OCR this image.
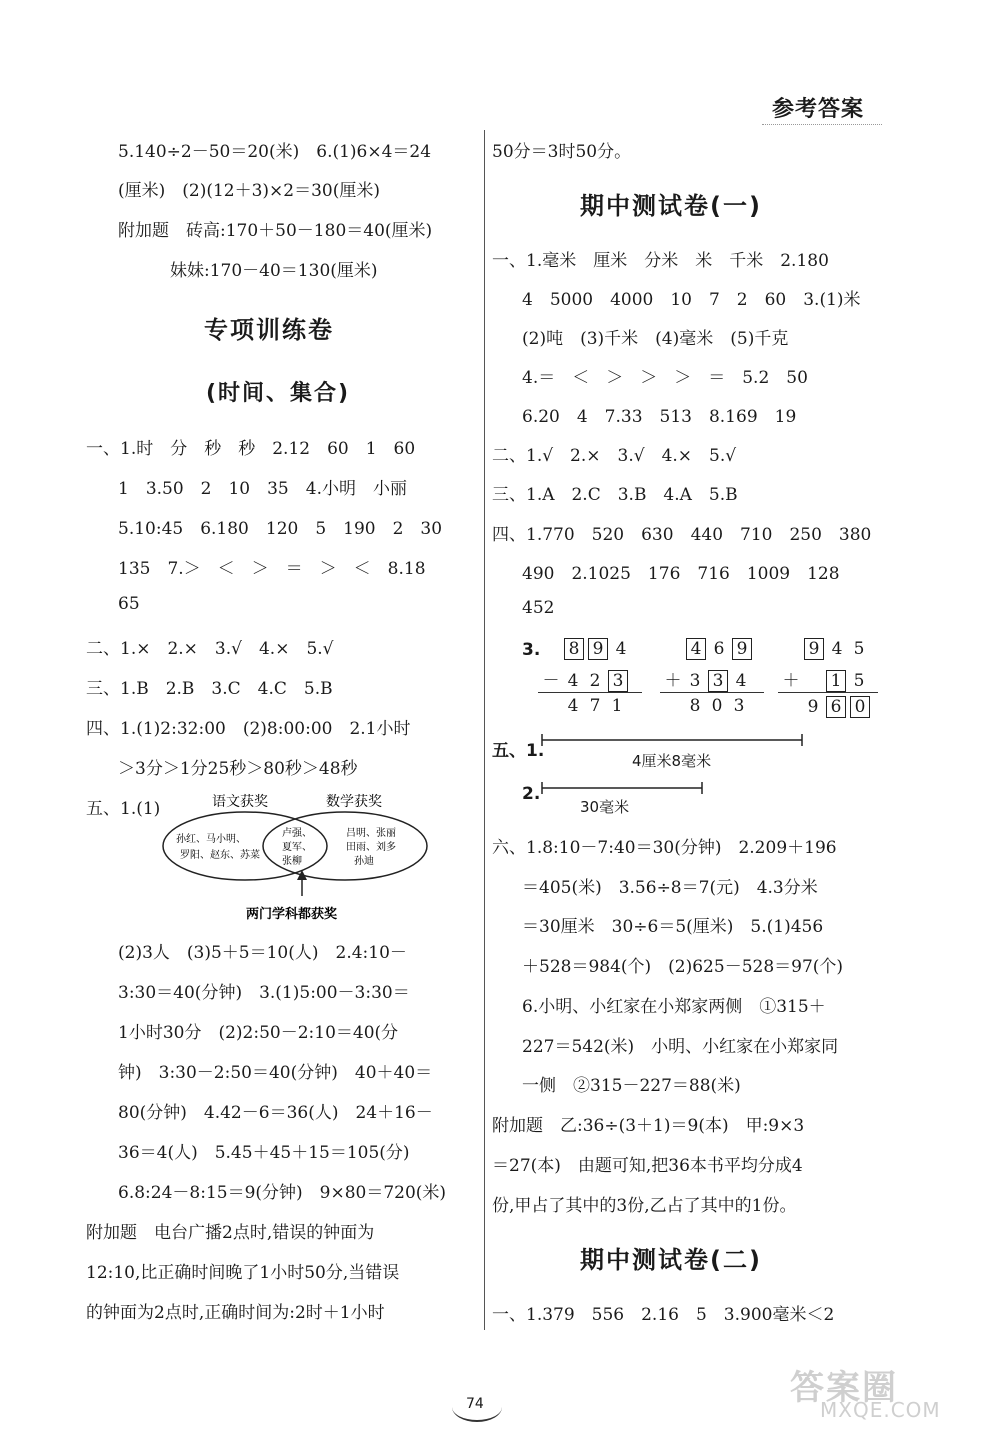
参考答案
5.140÷2－50＝20(米)　6.(1)6×4＝24
(厘米)　(2)(12＋3)×2＝30(厘米)
附加题　砖高:170＋50－180＝40(厘米)
妹妹:170－40＝130(厘米)
专项训练卷
(时间、集合)
一、1.时　分　秒　秒　2.12　60　1　60
1　3.50　2　10　35　4.小明　小丽
5.10:45　6.180　120　5　190　2　30
135　7.＞　＜　＞　＝　＞　＜　8.18
65
二、1.×　2.×　3.√　4.×　5.√
三、1.B　2.B　3.C　4.C　5.B
四、1.(1)2:32:00　(2)8:00:00　2.1小时
＞3分＞1分25秒＞80秒＞48秒
五、1.(1)	语文获奖	数学获奖
孙红、马小明、
罗阳、赵东、苏菜
卢强、
夏军、
张柳
吕明、张丽
田雨、刘多
孙迪
两门学科都获奖
(2)3人　(3)5＋5＝10(人)　2.4:10－
3:30＝40(分钟)　3.(1)5:00－3:30＝
1小时30分　(2)2:50－2:10＝40(分
钟)　3:30－2:50＝40(分钟)　40＋40＝
80(分钟)　4.42－6＝36(人)　24＋16－
36＝4(人)　5.45＋45＋15＝105(分)
6.8:24－8:15＝9(分钟)　9×80＝720(米)
附加题　电台广播2点时,错误的钟面为
12:10,比正确时间晚了1小时50分,当错误
的钟面为2点时,正确时间为:2时＋1小时
50分＝3时50分。
期中测试卷(一)
一、1.毫米　厘米　分米　米　千米　2.180
4　5000　4000　10　7　2　60　3.(1)米
(2)吨　(3)千米　(4)毫米　(5)千克
4.＝　＜　＞　＞　＞　＝　5.2　50
6.20　4　7.33　513　8.169　19
二、1.√　2.×　3.√　4.×　5.√
三、1.A　2.C　3.B　4.A　5.B
四、1.770　520　630　440　710　250　380
490　2.1025　176　716　1009　128
452
3.	8 9 4
－ 4 2 3
4 7 1
4 6 9
＋ 3 3 4
8 0 3
9 4 5
＋ 1 5
9 6 0
五、1.	4厘米8毫米
2.
30毫米
六、1.8:10－7:40＝30(分钟)　2.209＋196
＝405(米)　3.56÷8＝7(元)　4.3分米
＝30厘米　30÷6＝5(厘米)　5.(1)456
＋528＝984(个)　(2)625－528＝97(个)
6.小明、小红家在小郑家两侧　①315＋
227＝542(米)　小明、小红家在小郑家同
一侧　②315－227＝88(米)
附加题　乙:36÷(3＋1)＝9(本)　甲:9×3
＝27(本)　由题可知,把36本书平均分成4
份,甲占了其中的3份,乙占了其中的1份。
期中测试卷(二)
一、1.379　556　2.16　5　3.900毫米＜2
74	答案圈
MXQE.COM
